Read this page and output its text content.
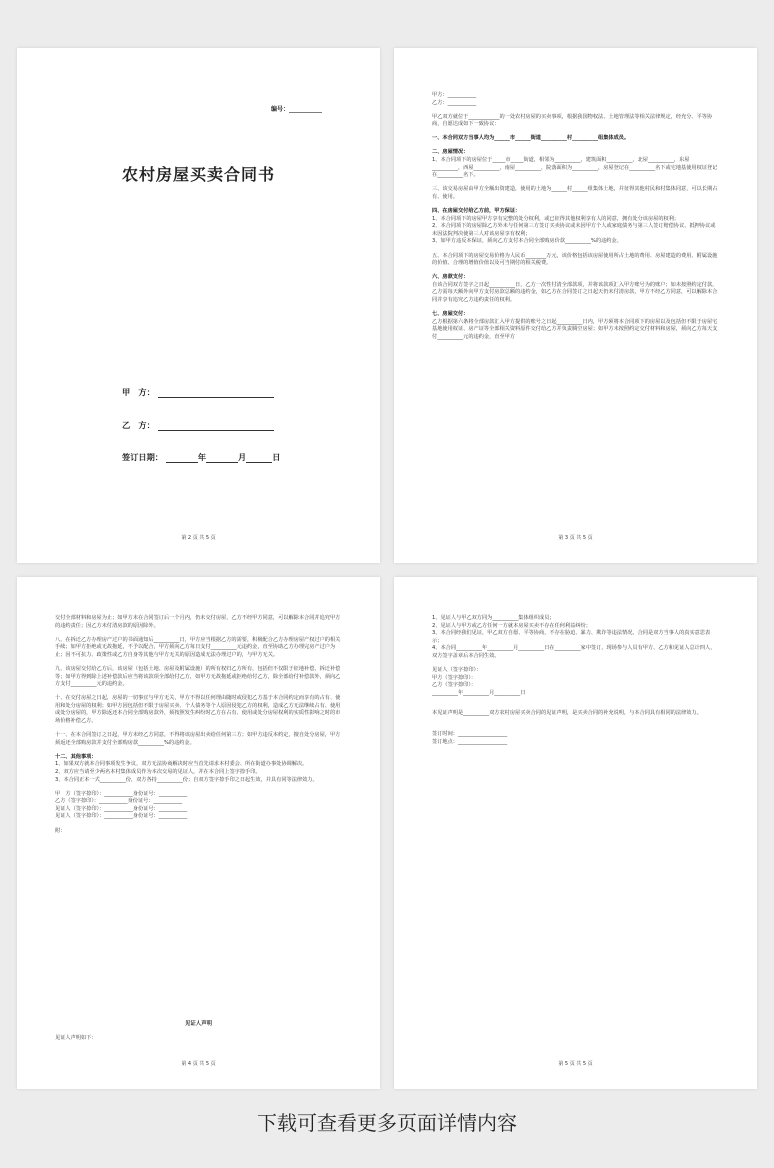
编号：___________
农村房屋买卖合同书
甲　方：
乙　方：
签订日期：	年	月	日
第 2 页 共 5 页

甲方：___________

乙方：___________

甲乙双方就位于____________的一处农村房屋的买卖事项，根据我国物权法、土地管理法等相关法律规定，经充分、平等协商，自愿达成如下一致协议：

一、本合同双方当事人均为______市______街道__________村__________组集体成员。

二、房屋情况：

1、本合同项下的房屋位于_____市_____街道，相邻为__________，建筑面积__________，北屋__________，东屋__________，西屋__________，南屋__________，院落面积为__________，房屋登记在__________名下或宅地基使用权证登记在__________名下。

三、该交易房屋由甲方全额出资建造，使用的土地为______村______组集体土地，并征得其他村民和村集体同意，可以长期占有、使用。

四、在房屋交付给乙方前，甲方保证：

1、本合同项下的房屋甲方享有完整的处分权利，或已征得其他权利享有人的同意，拥有处分该房屋的权利；

2、本合同项下的房屋除乙方外未与任何第三方签订买卖协议或未因甲方个人或家庭债务与第三人签订赔偿协议、抵押协议或未因法院判决使第三人对该房屋享有权利；

3、如甲方违反本保证，须向乙方支付本合同全部购房价款__________%的违约金。

五、本合同项下的房屋交易价格为人民币________万元，该价格包括该房屋使用所占土地的费用、房屋建造的费用、附属设施的价值、合理的增值价值以及可当期付的相关税费。

六、房款支付：

自该合同双方签字之日起__________日，乙方一次性付清全部款项，并将该款项汇入甲方账号为的账户；如未按照约定付款，乙方需每天额外向甲方支付房款总额的违约金，如乙方在合同签订之日起天仍未付清房款，甲方不经乙方同意，可以解除本合同并享有追究乙方违约责任的权利。

七、房屋交付：

乙方根据第六条将全部房款汇入甲方提供的账号之日起__________日内，甲方须将本合同项下的房屋以及包括但不限于房屋宅基地使用权证、房产证等全部相关资料原件交付给乙方并负责腾空房屋；如甲方未按照约定交付材料和房屋，须向乙方每天支付__________元的违约金，直至甲方

第 3 页 共 5 页

交付全部材料和房屋为止；如甲方未在合同签订后一个月内，仍未交付房屋，乙方不经甲方同意，可以解除本合同并追究甲方的违约责任；因乙方未付清房款的原因除外。

八、在拆迁乙方办理房产过户的书面通知后__________日，甲方应当根据乙方的需要，积极配合乙方办理房屋产权过户的相关手续；如甲方拒绝或无故拖延，不予以配合，甲方须向乙方每日支付__________元违约金，直至协助乙方办理完房产过户为止；因不可抗力、政策性或乙方自身等其他与甲方无关的原因造成无法办理过户的，与甲方无关。

九、该房屋交付给乙方后，该房屋（包括土地、房屋及附属设施）的所有权归乙方所有，包括但不仅限于征地补偿、拆迁补偿等；如甲方得到除上述补偿款后应当将该款项全部给付乙方，如甲方无故拖延或拒绝给付乙方，除全部给付补偿款外，须向乙方支付__________元的违约金。

十、在交付房屋之日起，房屋的一切事宜与甲方无关，甲方不得以任何理由随时或侵犯乙方基于本合同约定而享有的占有、使用和处分房屋的权利；如甲方因包括但不限于房屋买卖、个人债务等个人原因侵犯乙方的权利，造成乙方无法继续占有、使用或处分房屋的，甲方除返还本合同全部购房款外，须按照发生纠纷时乙方在占有、使用或处分房屋权利的实质性影响之时的市场价格补偿乙方。

十一、在本合同签订之日起，甲方未经乙方同意，不得将该房屋出卖给任何第三方；如甲方违反本约定，擅自处分房屋，甲方须返还全部购房款并支付全部购房款__________%的违约金。

十二、其他事项：

1、如果双方就本合同事项发生争议，双方无法协商解决时应当首先请求本村委会、所在街道办事处协调解决。

2、双方应当请至少两名本村集体成员作为本次交易的见证人，并在本合同上签字捺手印。

3、本合同正本一式__________份，双方各持__________份；自双方签字捺手印之日起生效，并具有同等法律效力。

甲　方（签字捺印）：___________身份证号：___________

乙方（签字捺印）：___________身份证号：___________

见证人（签字捺印）：___________身份证号：___________

见证人（签字捺印）：___________身份证号：___________

附：

见证人声明

见证人声明如下：

第 4 页 共 5 页

1、见证人与甲乙双方同为__________集体组织成员；

2、见证人与甲方或乙方任何一方就本房屋买卖不存在任何利益纠纷；

3、本合同经我们见证，甲乙双方自愿、平等协商，不存在胁迫、暴力、欺诈等违法情况，合同是双方当事人的真实意思表示；

4、本合同__________年__________月__________日在__________家中签订，现场参与人员有甲方、乙方和见证人总计四人，双方签字盖章后本合同生效。

见证人（签字捺印）：

甲方（签字捺印）：

乙方（签字捺印）：

__________年__________月__________日

本见证声明是__________双方农村房屋买卖合同的见证声明，是买卖合同的补充说明，与本合同具有相同的法律效力。

签订时间：___________________

签订地点：___________________

第 5 页 共 5 页
下载可查看更多页面详情内容
